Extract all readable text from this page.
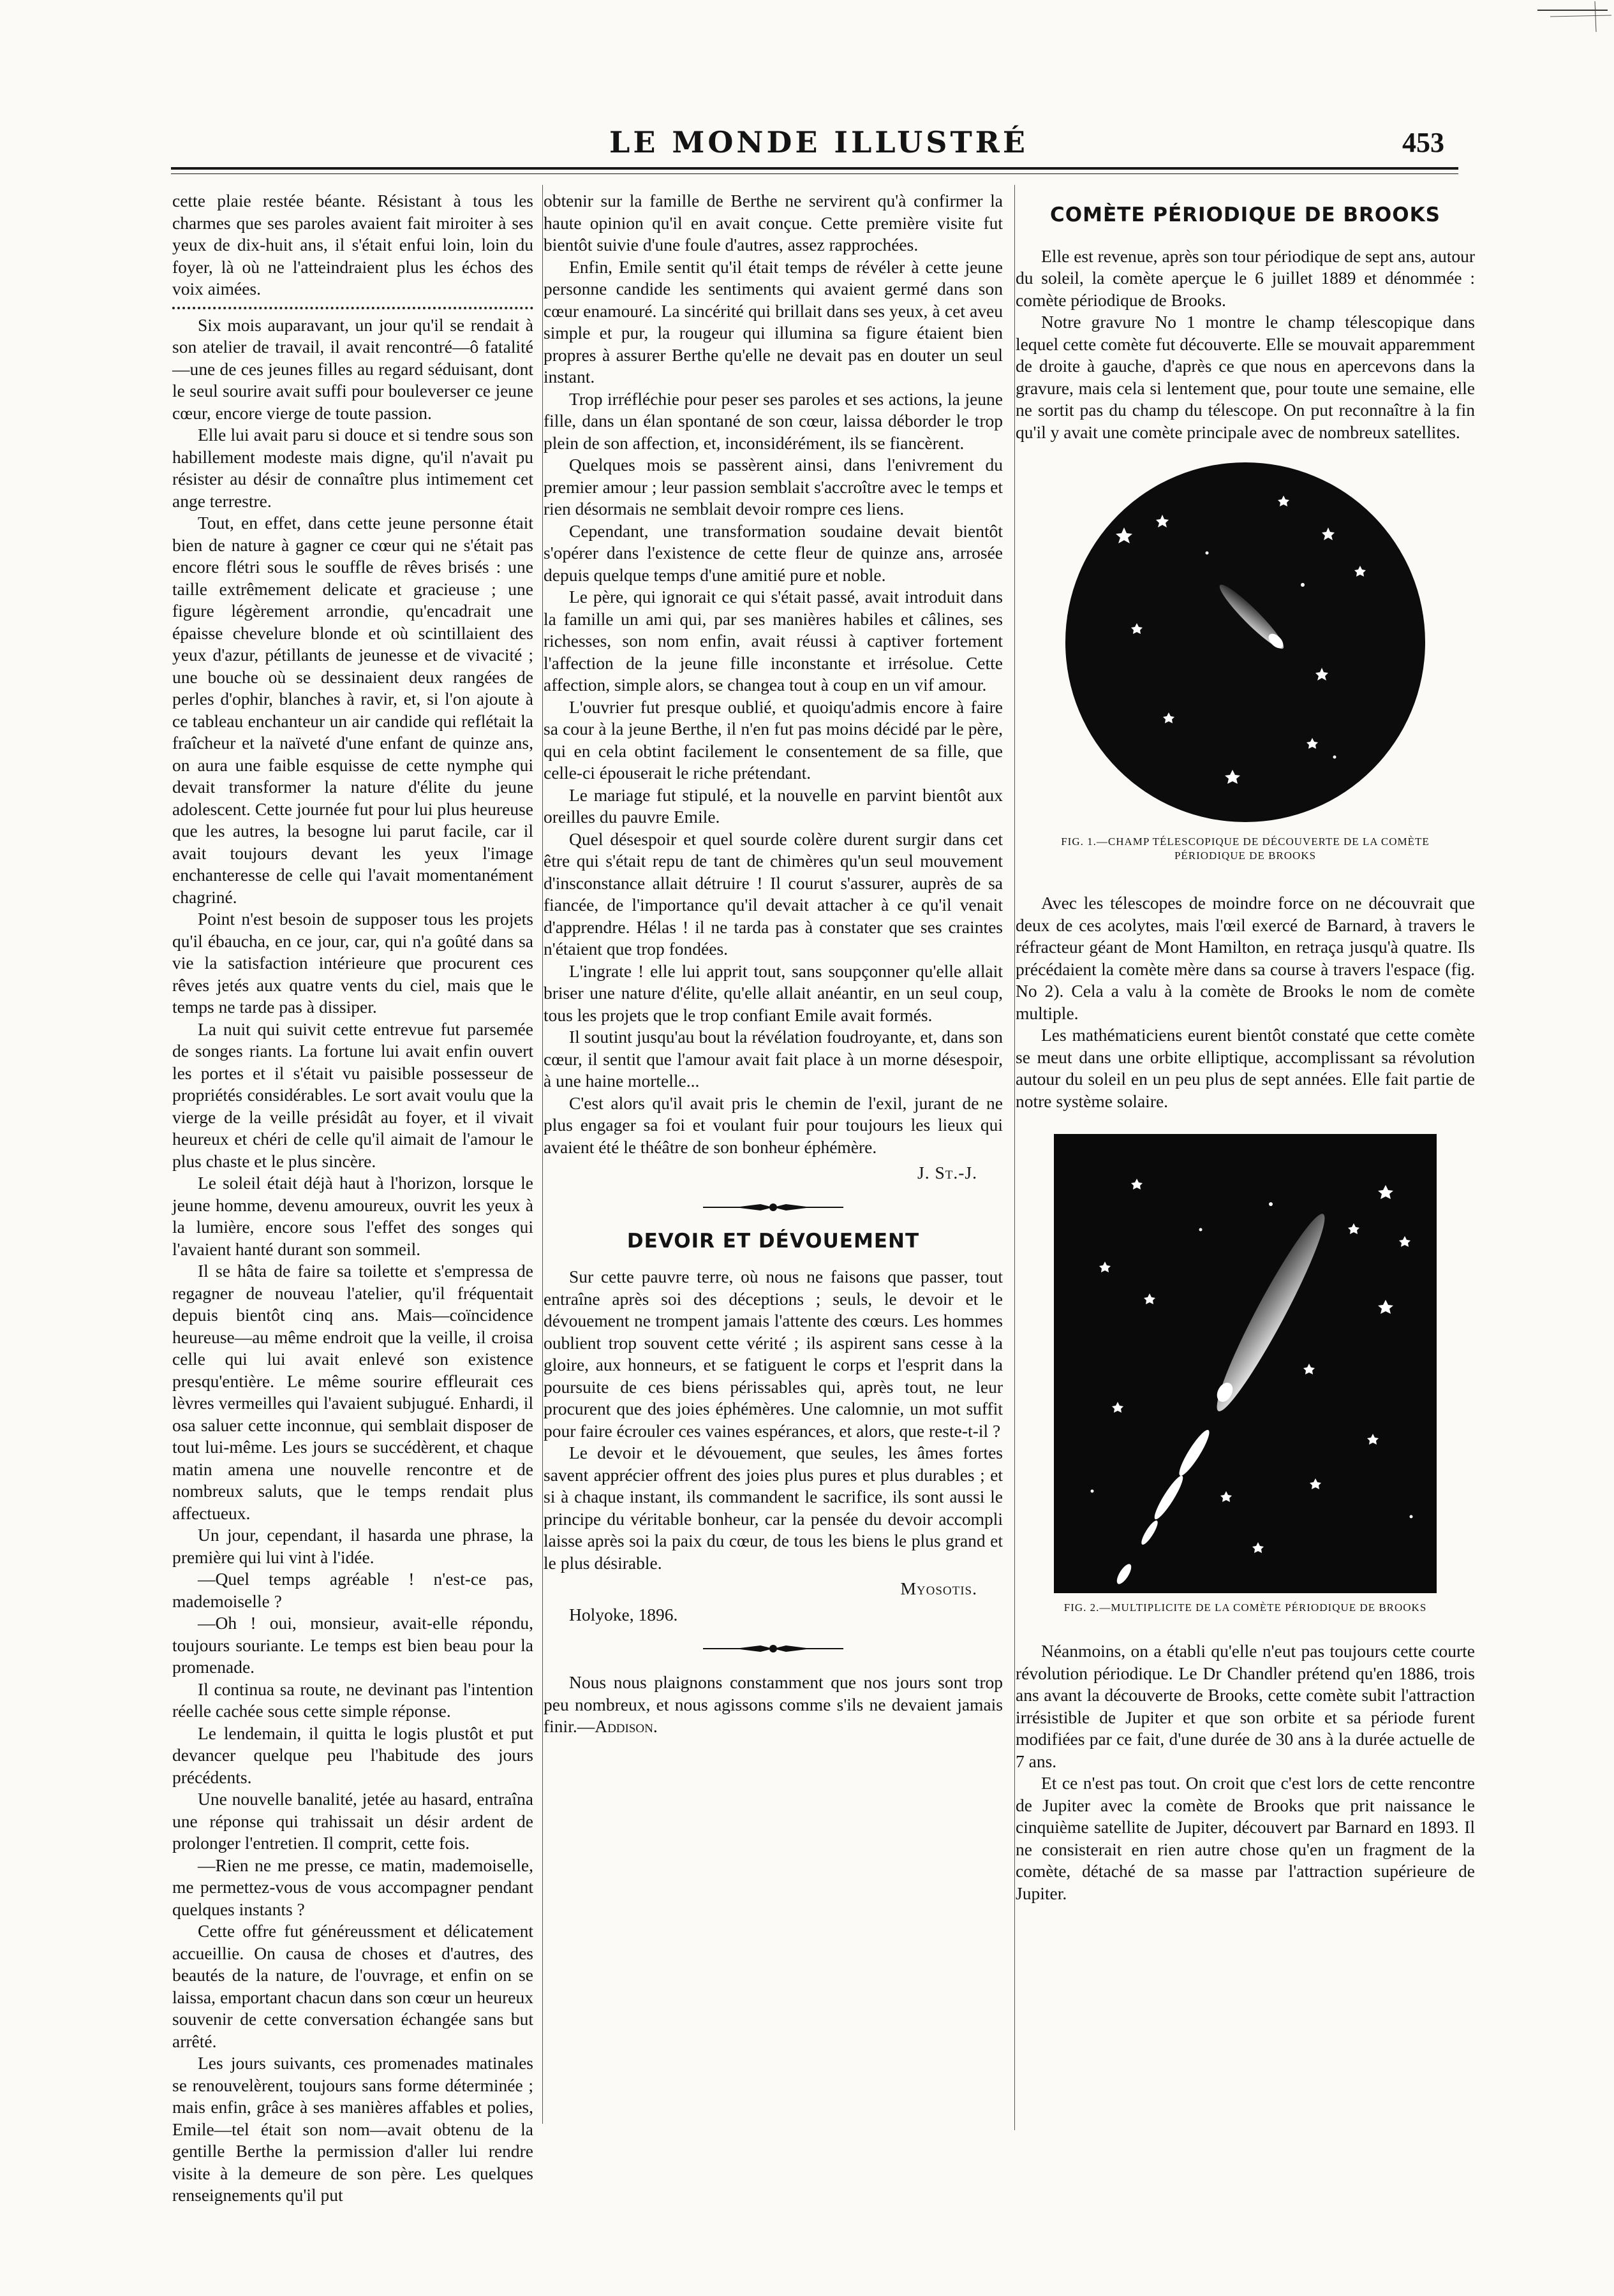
LE MONDE ILLUSTRÉ	453

cette plaie restée béante. Résistant à tous les charmes que ses paroles avaient fait miroiter à ses yeux de dix-huit ans, il s'était enfui loin, loin du foyer, là où ne l'atteindraient plus les échos des voix aimées.

Six mois auparavant, un jour qu'il se rendait à son atelier de travail, il avait rencontré—ô fatalité—une de ces jeunes filles au regard séduisant, dont le seul sourire avait suffi pour bouleverser ce jeune cœur, encore vierge de toute passion.

Elle lui avait paru si douce et si tendre sous son habillement modeste mais digne, qu'il n'avait pu résister au désir de connaître plus intimement cet ange terrestre.

Tout, en effet, dans cette jeune personne était bien de nature à gagner ce cœur qui ne s'était pas encore flétri sous le souffle de rêves brisés : une taille extrêmement delicate et gracieuse ; une figure légèrement arrondie, qu'encadrait une épaisse chevelure blonde et où scintillaient des yeux d'azur, pétillants de jeunesse et de vivacité ; une bouche où se dessinaient deux rangées de perles d'ophir, blanches à ravir, et, si l'on ajoute à ce tableau enchanteur un air candide qui reflétait la fraîcheur et la naïveté d'une enfant de quinze ans, on aura une faible esquisse de cette nymphe qui devait transformer la nature d'élite du jeune adolescent. Cette journée fut pour lui plus heureuse que les autres, la besogne lui parut facile, car il avait toujours devant les yeux l'image enchanteresse de celle qui l'avait momentanément chagriné.

Point n'est besoin de supposer tous les projets qu'il ébaucha, en ce jour, car, qui n'a goûté dans sa vie la satisfaction intérieure que procurent ces rêves jetés aux quatre vents du ciel, mais que le temps ne tarde pas à dissiper.

La nuit qui suivit cette entrevue fut parsemée de songes riants. La fortune lui avait enfin ouvert les portes et il s'était vu paisible possesseur de propriétés considérables. Le sort avait voulu que la vierge de la veille présidât au foyer, et il vivait heureux et chéri de celle qu'il aimait de l'amour le plus chaste et le plus sincère.

Le soleil était déjà haut à l'horizon, lorsque le jeune homme, devenu amoureux, ouvrit les yeux à la lumière, encore sous l'effet des songes qui l'avaient hanté durant son sommeil.

Il se hâta de faire sa toilette et s'empressa de regagner de nouveau l'atelier, qu'il fréquentait depuis bientôt cinq ans. Mais—coïncidence heureuse—au même endroit que la veille, il croisa celle qui lui avait enlevé son existence presqu'entière. Le même sourire effleurait ces lèvres vermeilles qui l'avaient subjugué. Enhardi, il osa saluer cette inconnue, qui semblait disposer de tout lui-même. Les jours se succédèrent, et chaque matin amena une nouvelle rencontre et de nombreux saluts, que le temps rendait plus affectueux.

Un jour, cependant, il hasarda une phrase, la première qui lui vint à l'idée.

—Quel temps agréable ! n'est-ce pas, mademoiselle ?

—Oh ! oui, monsieur, avait-elle répondu, toujours souriante. Le temps est bien beau pour la promenade.

Il continua sa route, ne devinant pas l'intention réelle cachée sous cette simple réponse.

Le lendemain, il quitta le logis plustôt et put devancer quelque peu l'habitude des jours précédents.

Une nouvelle banalité, jetée au hasard, entraîna une réponse qui trahissait un désir ardent de prolonger l'entretien. Il comprit, cette fois.

—Rien ne me presse, ce matin, mademoiselle, me permettez-vous de vous accompagner pendant quelques instants ?

Cette offre fut généreussment et délicatement accueillie. On causa de choses et d'autres, des beautés de la nature, de l'ouvrage, et enfin on se laissa, emportant chacun dans son cœur un heureux souvenir de cette conversation échangée sans but arrêté.

Les jours suivants, ces promenades matinales se renouvelèrent, toujours sans forme déterminée ; mais enfin, grâce à ses manières affables et polies, Emile—tel était son nom—avait obtenu de la gentille Berthe la permission d'aller lui rendre visite à la demeure de son père. Les quelques renseignements qu'il put

obtenir sur la famille de Berthe ne servirent qu'à confirmer la haute opinion qu'il en avait conçue. Cette première visite fut bientôt suivie d'une foule d'autres, assez rapprochées.

Enfin, Emile sentit qu'il était temps de révéler à cette jeune personne candide les sentiments qui avaient germé dans son cœur enamouré. La sincérité qui brillait dans ses yeux, à cet aveu simple et pur, la rougeur qui illumina sa figure étaient bien propres à assurer Berthe qu'elle ne devait pas en douter un seul instant.

Trop irréfléchie pour peser ses paroles et ses actions, la jeune fille, dans un élan spontané de son cœur, laissa déborder le trop plein de son affection, et, inconsidérément, ils se fiancèrent.

Quelques mois se passèrent ainsi, dans l'enivrement du premier amour ; leur passion semblait s'accroître avec le temps et rien désormais ne semblait devoir rompre ces liens.

Cependant, une transformation soudaine devait bientôt s'opérer dans l'existence de cette fleur de quinze ans, arrosée depuis quelque temps d'une amitié pure et noble.

Le père, qui ignorait ce qui s'était passé, avait introduit dans la famille un ami qui, par ses manières habiles et câlines, ses richesses, son nom enfin, avait réussi à captiver fortement l'affection de la jeune fille inconstante et irrésolue. Cette affection, simple alors, se changea tout à coup en un vif amour.

L'ouvrier fut presque oublié, et quoiqu'admis encore à faire sa cour à la jeune Berthe, il n'en fut pas moins décidé par le père, qui en cela obtint facilement le consentement de sa fille, que celle-ci épouserait le riche prétendant.

Le mariage fut stipulé, et la nouvelle en parvint bientôt aux oreilles du pauvre Emile.

Quel désespoir et quel sourde colère durent surgir dans cet être qui s'était repu de tant de chimères qu'un seul mouvement d'insconstance allait détruire ! Il courut s'assurer, auprès de sa fiancée, de l'importance qu'il devait attacher à ce qu'il venait d'apprendre. Hélas ! il ne tarda pas à constater que ses craintes n'étaient que trop fondées.

L'ingrate ! elle lui apprit tout, sans soupçonner qu'elle allait briser une nature d'élite, qu'elle allait anéantir, en un seul coup, tous les projets que le trop confiant Emile avait formés.

Il soutint jusqu'au bout la révélation foudroyante, et, dans son cœur, il sentit que l'amour avait fait place à un morne désespoir, à une haine mortelle...

C'est alors qu'il avait pris le chemin de l'exil, jurant de ne plus engager sa foi et voulant fuir pour toujours les lieux qui avaient été le théâtre de son bonheur éphémère.

J. St.-J.
DEVOIR ET DÉVOUEMENT

Sur cette pauvre terre, où nous ne faisons que passer, tout entraîne après soi des déceptions ; seuls, le devoir et le dévouement ne trompent jamais l'attente des cœurs. Les hommes oublient trop souvent cette vérité ; ils aspirent sans cesse à la gloire, aux honneurs, et se fatiguent le corps et l'esprit dans la poursuite de ces biens périssables qui, après tout, ne leur procurent que des joies éphémères. Une calomnie, un mot suffit pour faire écrouler ces vaines espérances, et alors, que reste-t-il ?

Le devoir et le dévouement, que seules, les âmes fortes savent apprécier offrent des joies plus pures et plus durables ; et si à chaque instant, ils commandent le sacrifice, ils sont aussi le principe du véritable bonheur, car la pensée du devoir accompli laisse après soi la paix du cœur, de tous les biens le plus grand et le plus désirable.

Myosotis.

Holyoke, 1896.

Nous nous plaignons constamment que nos jours sont trop peu nombreux, et nous agissons comme s'ils ne devaient jamais finir.—Addison.

COMÈTE PÉRIODIQUE DE BROOKS

Elle est revenue, après son tour périodique de sept ans, autour du soleil, la comète aperçue le 6 juillet 1889 et dénommée : comète périodique de Brooks.

Notre gravure No 1 montre le champ télescopique dans lequel cette comète fut découverte. Elle se mouvait apparemment de droite à gauche, d'après ce que nous en apercevons dans la gravure, mais cela si lentement que, pour toute une semaine, elle ne sortit pas du champ du télescope. On put reconnaître à la fin qu'il y avait une comète principale avec de nombreux satellites.

FIG. 1.—CHAMP TÉLESCOPIQUE DE DÉCOUVERTE DE LA COMÈTE PÉRIODIQUE DE BROOKS

Avec les télescopes de moindre force on ne découvrait que deux de ces acolytes, mais l'œil exercé de Barnard, à travers le réfracteur géant de Mont Hamilton, en retraça jusqu'à quatre. Ils précédaient la comète mère dans sa course à travers l'espace (fig. No 2). Cela a valu à la comète de Brooks le nom de comète multiple.

Les mathématiciens eurent bientôt constaté que cette comète se meut dans une orbite elliptique, accomplissant sa révolution autour du soleil en un peu plus de sept années. Elle fait partie de notre système solaire.

FIG. 2.—MULTIPLICITE DE LA COMÈTE PÉRIODIQUE DE BROOKS

Néanmoins, on a établi qu'elle n'eut pas toujours cette courte révolution périodique. Le Dr Chandler prétend qu'en 1886, trois ans avant la découverte de Brooks, cette comète subit l'attraction irrésistible de Jupiter et que son orbite et sa période furent modifiées par ce fait, d'une durée de 30 ans à la durée actuelle de 7 ans.

Et ce n'est pas tout. On croit que c'est lors de cette rencontre de Jupiter avec la comète de Brooks que prit naissance le cinquième satellite de Jupiter, découvert par Barnard en 1893. Il ne consisterait en rien autre chose qu'en un fragment de la comète, détaché de sa masse par l'attraction supérieure de Jupiter.
